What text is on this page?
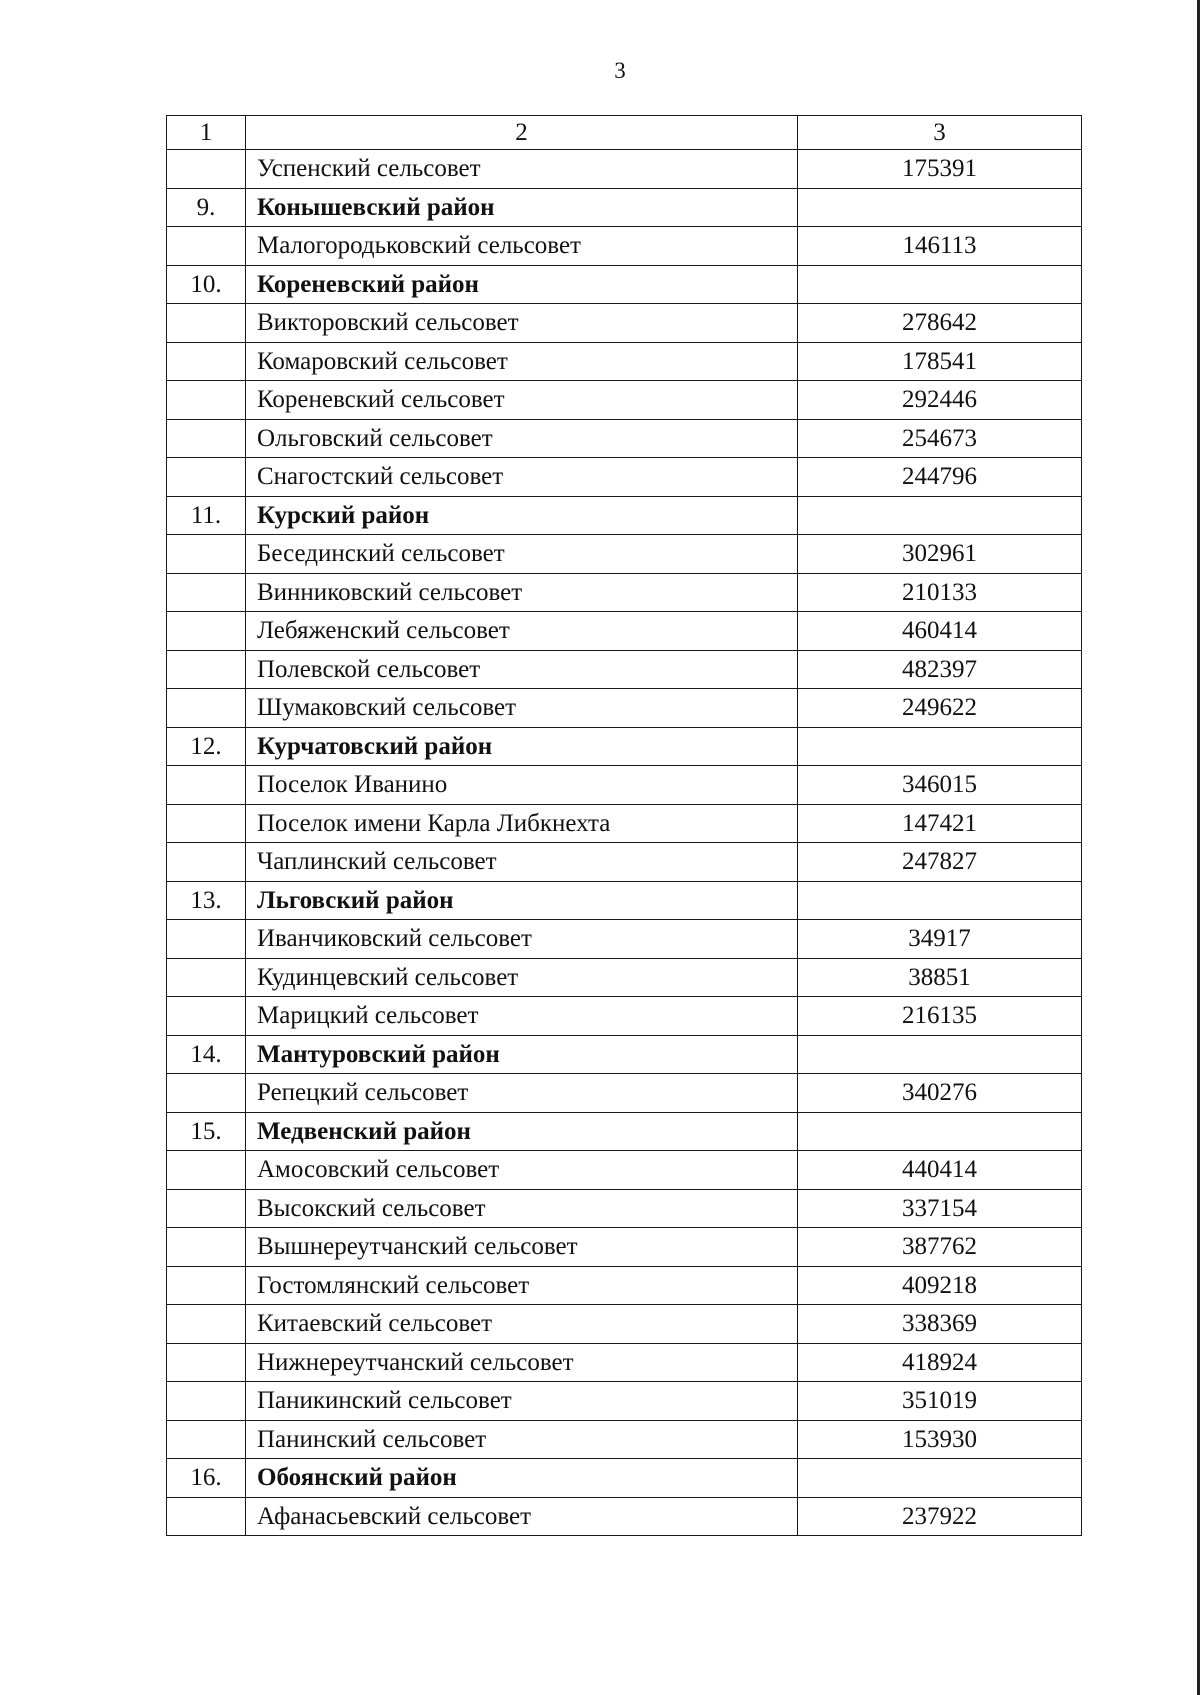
3
1	2	3
	Успенский сельсовет	175391
9.	Конышевский район	
	Малогородьковский сельсовет	146113
10.	Кореневский район	
	Викторовский сельсовет	278642
	Комаровский сельсовет	178541
	Кореневский сельсовет	292446
	Ольговский сельсовет	254673
	Снагостский сельсовет	244796
11.	Курский район	
	Бесединский сельсовет	302961
	Винниковский сельсовет	210133
	Лебяженский сельсовет	460414
	Полевской сельсовет	482397
	Шумаковский сельсовет	249622
12.	Курчатовский район	
	Поселок Иванино	346015
	Поселок имени Карла Либкнехта	147421
	Чаплинский сельсовет	247827
13.	Льговский район	
	Иванчиковский сельсовет	34917
	Кудинцевский сельсовет	38851
	Марицкий сельсовет	216135
14.	Мантуровский район	
	Репецкий сельсовет	340276
15.	Медвенский район	
	Амосовский сельсовет	440414
	Высокский сельсовет	337154
	Вышнереутчанский сельсовет	387762
	Гостомлянский сельсовет	409218
	Китаевский сельсовет	338369
	Нижнереутчанский сельсовет	418924
	Паникинский сельсовет	351019
	Панинский сельсовет	153930
16.	Обоянский район	
	Афанасьевский сельсовет	237922
